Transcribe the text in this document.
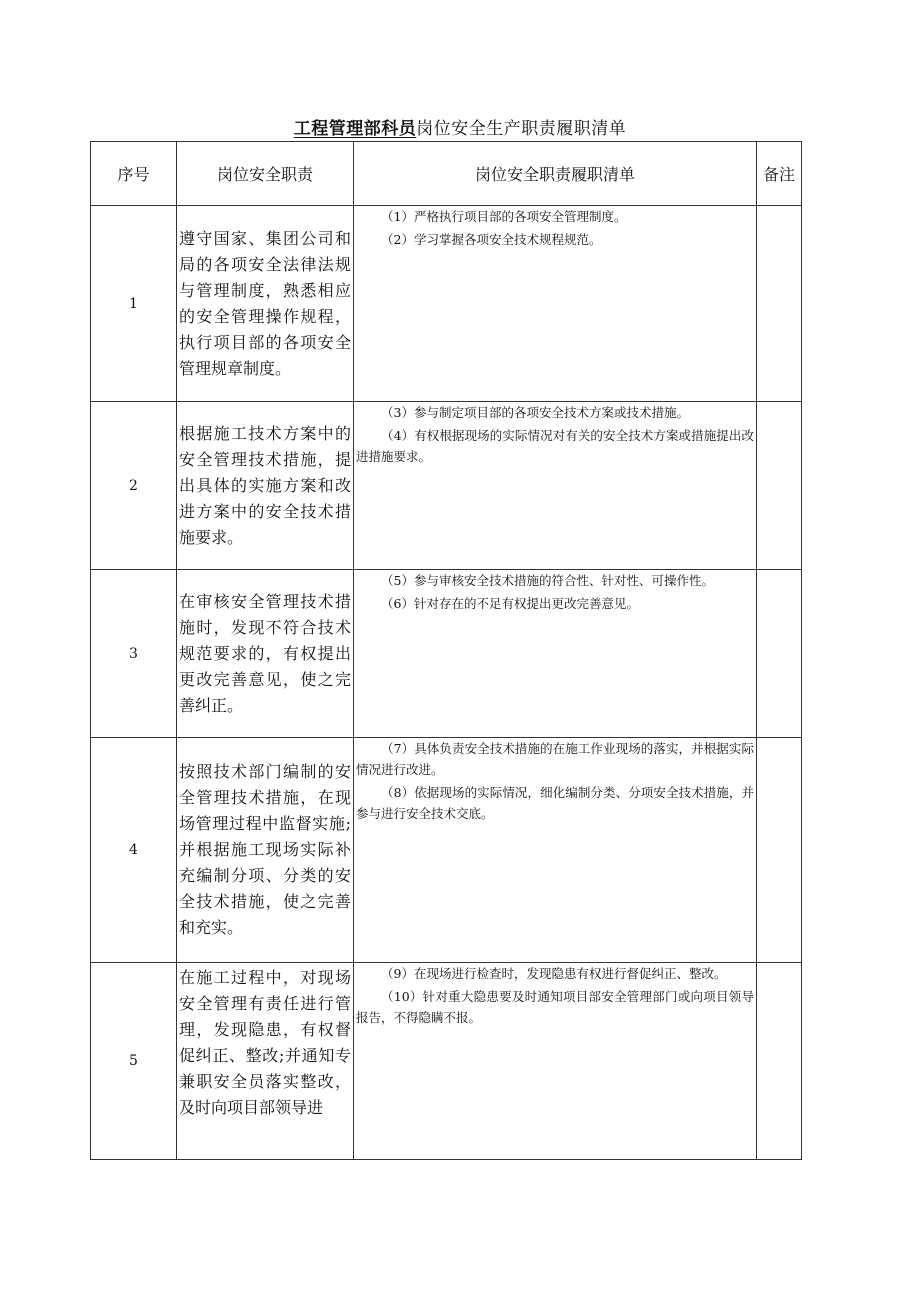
工程管理部科员岗位安全生产职责履职清单
序号	岗位安全职责	岗位安全职责履职清单	备注
1	遵守国家、集团公司和局的各项安全法律法规与管理制度，熟悉相应的安全管理操作规程，执行项目部的各项安全管理规章制度。	（1）严格执行项目部的各项安全管理制度。

（2）学习掌握各项安全技术规程规范。	

2	根据施工技术方案中的安全管理技术措施，提出具体的实施方案和改进方案中的安全技术措施要求。	（3）参与制定项目部的各项安全技术方案或技术措施。

（4）有权根据现场的实际情况对有关的安全技术方案或措施提出改进措施要求。	

3	在审核安全管理技术措施时，发现不符合技术规范要求的，有权提出更改完善意见，使之完善纠正。	（5）参与审核安全技术措施的符合性、针对性、可操作性。

（6）针对存在的不足有权提出更改完善意见。	

4	按照技术部门编制的安全管理技术措施，在现场管理过程中监督实施;并根据施工现场实际补充编制分项、分类的安全技术措施，使之完善和充实。	（7）具体负责安全技术措施的在施工作业现场的落实，并根据实际情况进行改进。

（8）依据现场的实际情况，细化编制分类、分项安全技术措施，并参与进行安全技术交底。	

5	在施工过程中，对现场安全管理有责任进行管理，发现隐患，有权督促纠正、整改;并通知专兼职安全员落实整改，及时向项目部领导进	（9）在现场进行检查时，发现隐患有权进行督促纠正、整改。

（10）针对重大隐患要及时通知项目部安全管理部门或向项目领导报告，不得隐瞒不报。	
